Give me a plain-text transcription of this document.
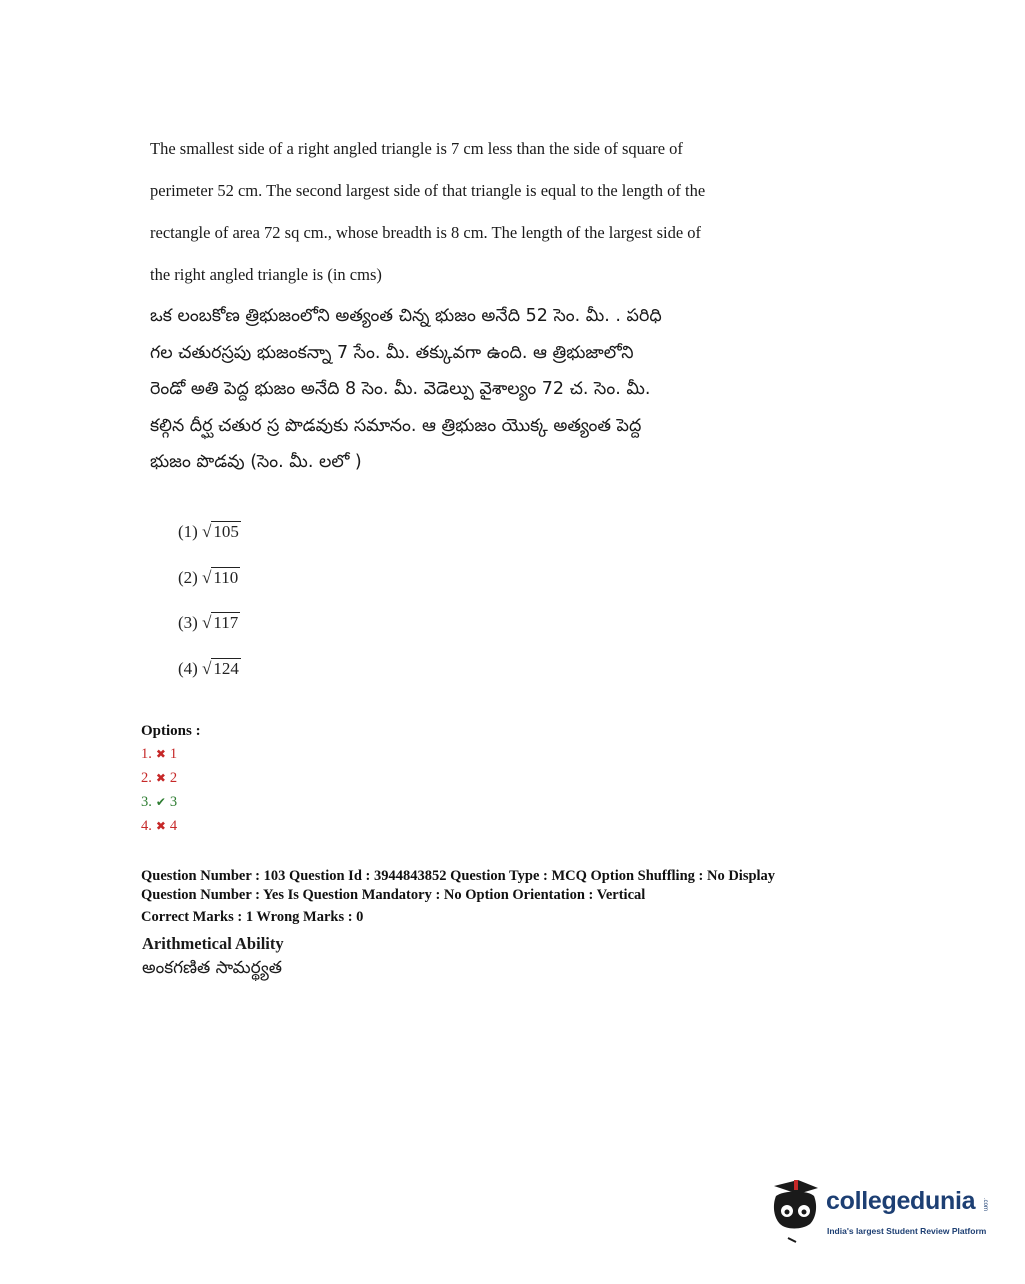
The smallest side of a right angled triangle is 7 cm less than the side of square of
perimeter 52 cm. The second largest side of that triangle is equal to the length of the
rectangle of area 72 sq cm., whose breadth is 8 cm. The length of the largest side of
the right angled triangle is (in cms)
ఒక లంబకోణ త్రిభుజంలోని అత్యంత చిన్న భుజం అనేది 52 సెం. మీ. . పరిధి
గల చతురస్రపు భుజంకన్నా 7 సేం. మీ. తక్కువగా ఉంది. ఆ త్రిభుజాలోని
రెండో అతి పెద్ద భుజం అనేది 8 సెం. మీ. వెడెల్పు వైశాల్యం 72 చ. సెం. మీ.
కల్గిన దీర్ఘ చతుర స్ర పొడవుకు సమానం. ఆ త్రిభుజం యొక్క అత్యంత పెద్ద
భుజం పొడవు (సెం. మీ. లలో )
(1) √ 105
(2) √ 110
(3) √ 117
(4) √ 124
Options :
1. ✖ 1
2. ✖ 2
3. ✔ 3
4. ✖ 4
Question Number : 103 Question Id : 3944843852 Question Type : MCQ Option Shuffling : No Display
Question Number : Yes Is Question Mandatory : No Option Orientation : Vertical
Correct Marks : 1 Wrong Marks : 0
Arithmetical Ability
అంకగణిత సామర్థ్యత
collegedunia .com
India's largest Student Review Platform
